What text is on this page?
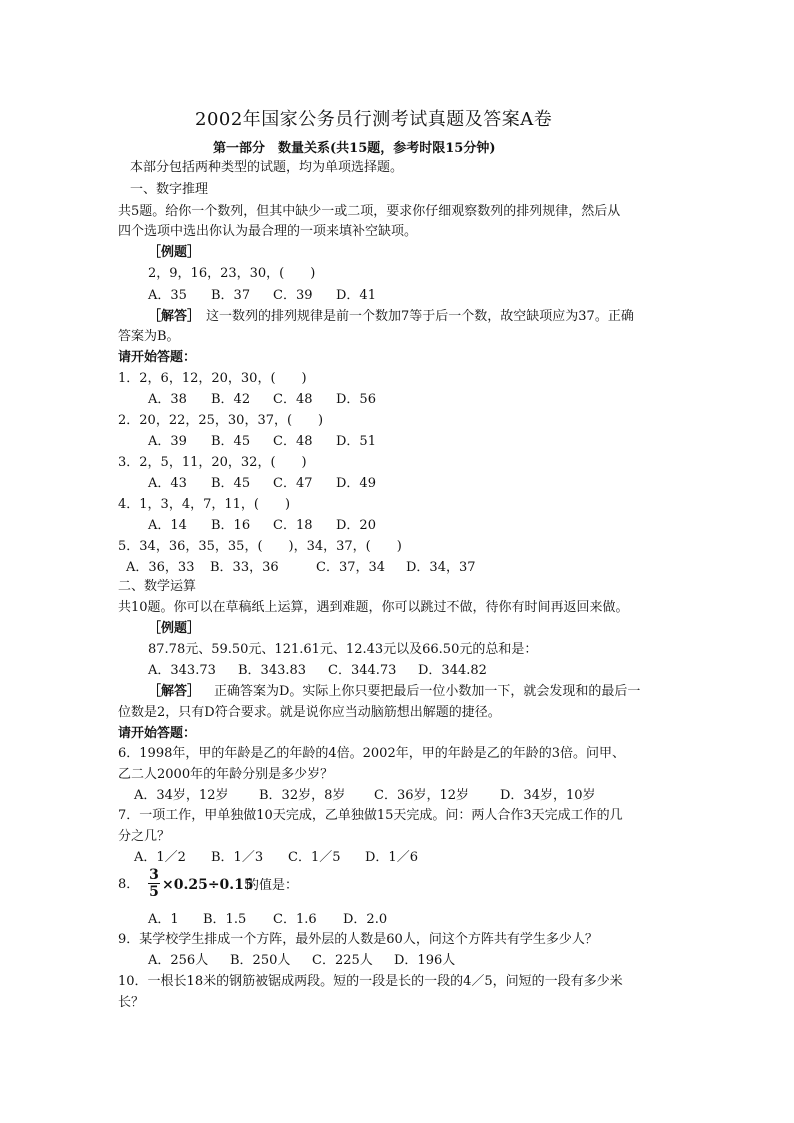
2002年国家公务员行测考试真题及答案A卷
第一部分　数量关系(共15题，参考时限15分钟)
本部分包括两种类型的试题，均为单项选择题。
一、数字推理
共5题。给你一个数列，但其中缺少一或二项，要求你仔细观察数列的排列规律，然后从
四个选项中选出你认为最合理的一项来填补空缺项。
［例题］
2，9，16，23，30，(　　)
A．35 B．37 C．39 D．41
［解答］ 这一数列的排列规律是前一个数加7等于后一个数，故空缺项应为37。正确
答案为B。
请开始答题：
1．2，6，12，20，30，(　　)
A．38 B．42 C．48 D．56
2．20，22，25，30，37，(　　)
A．39 B．45 C．48 D．51
3．2，5，11，20，32，(　　)
A．43 B．45 C．47 D．49
4．1，3，4，7，11，(　　)
A．14 B．16 C．18 D．20
5．34，36，35，35，(　　)，34，37，(　　)
A．36，33 B．33，36	C．37，34 D．34，37
二、数学运算
共10题。你可以在草稿纸上运算，遇到难题，你可以跳过不做，待你有时间再返回来做。
［例题］
87.78元、59.50元、121.61元、12.43元以及66.50元的总和是：
A．343.73 B．343.83 C．344.73 D．344.82
［解答］ 正确答案为D。实际上你只要把最后一位小数加一下，就会发现和的最后一
位数是2，只有D符合要求。就是说你应当动脑筋想出解题的捷径。
请开始答题：
6．1998年，甲的年龄是乙的年龄的4倍。2002年，甲的年龄是乙的年龄的3倍。问甲、
乙二人2000年的年龄分别是多少岁？
A．34岁，12岁 B．32岁，8岁 C．36岁，12岁 D．34岁，10岁
7．一项工作，甲单独做10天完成，乙单独做15天完成。问：两人合作3天完成工作的几
分之几？
A．1／2 B．1／3 C．1／5 D．1／6
8．
3
5 ×0.25÷0.15
的值是：
A．1 B．1.5 C．1.6 D．2.0
9．某学校学生排成一个方阵，最外层的人数是60人，问这个方阵共有学生多少人？
A．256人 B．250人 C．225人 D．196人
10．一根长18米的钢筋被锯成两段。短的一段是长的一段的4／5，问短的一段有多少米
长？
